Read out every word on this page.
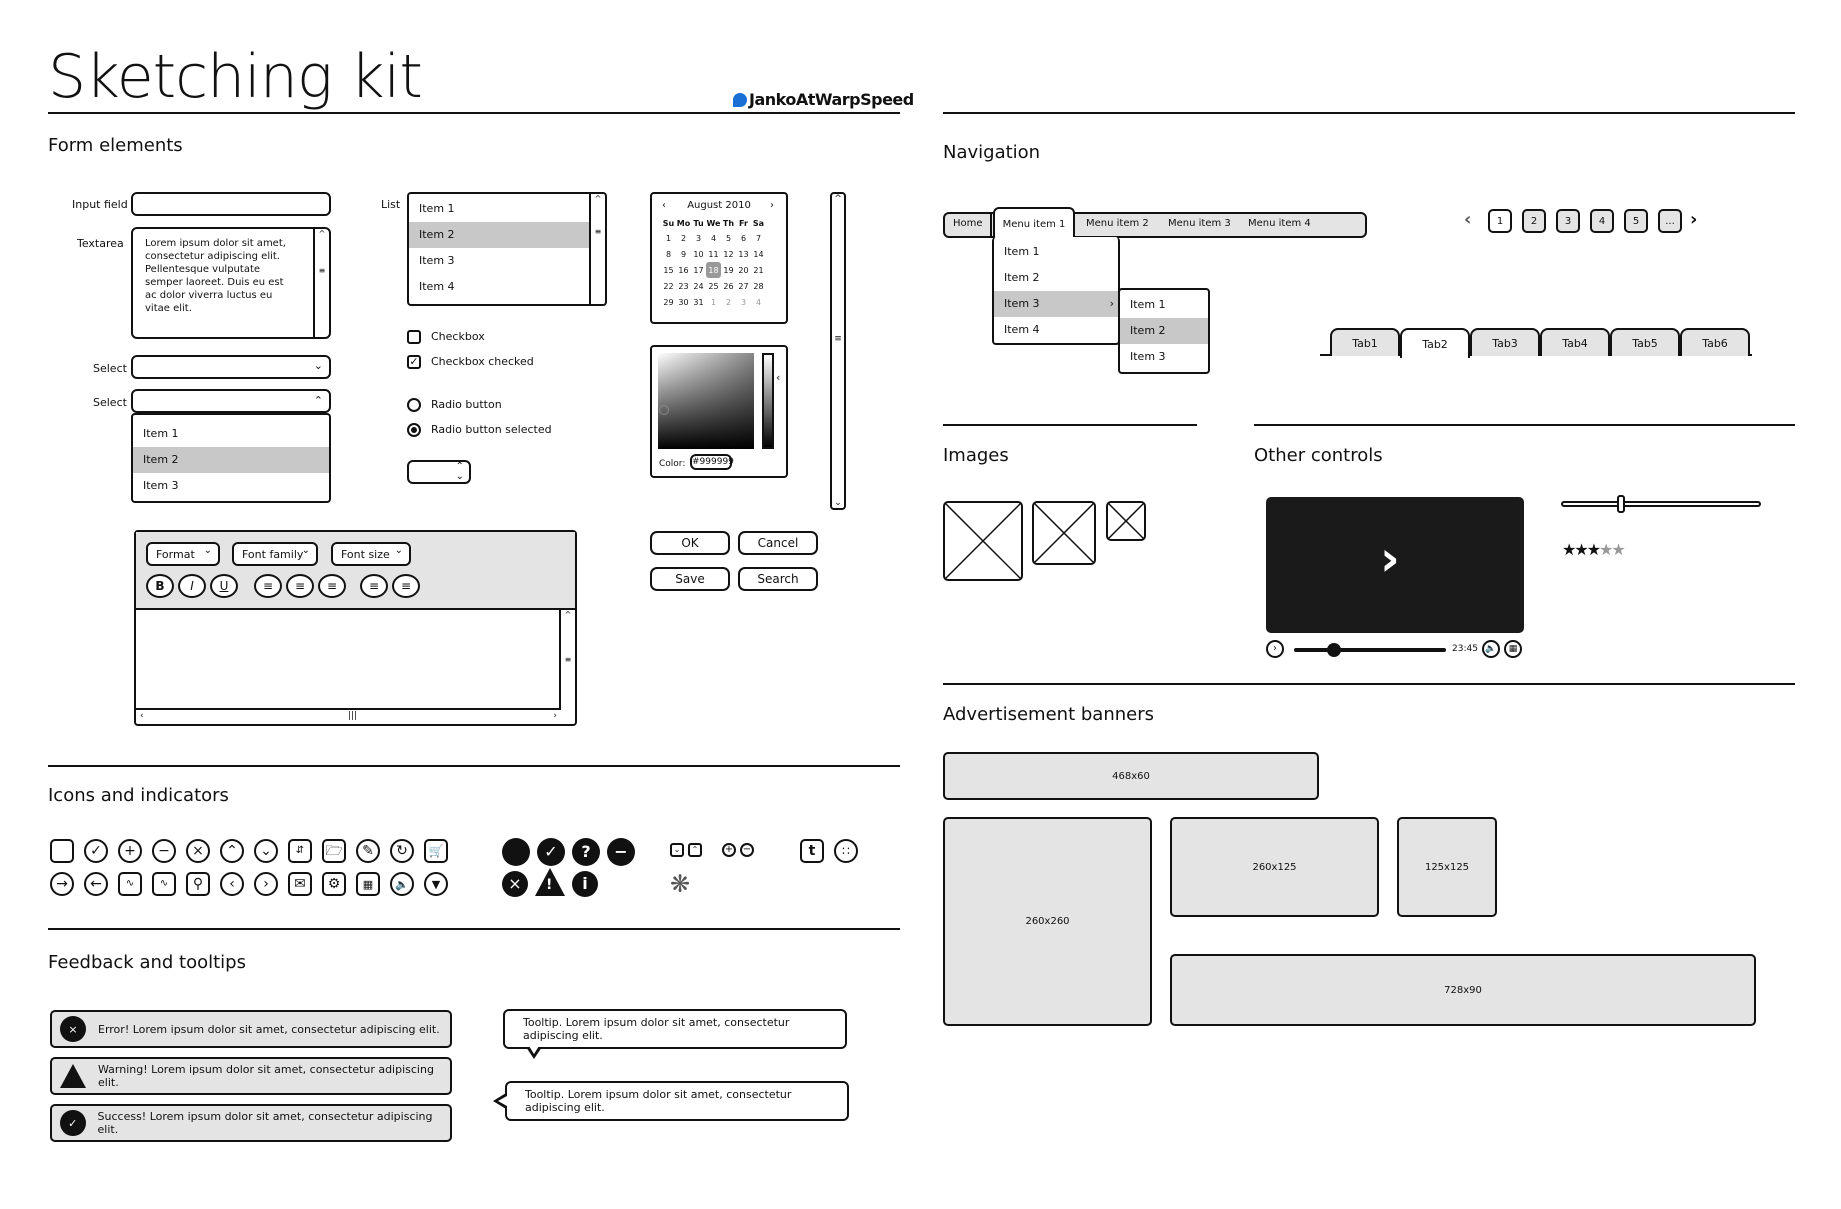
Sketching kit	JankoAtWarpSpeed
Form elements
Input field
Textarea Lorem ipsum dolor sit amet, consectetur adipiscing elit. Pellentesque vulputate semper laoreet. Duis eu est ac dolor viverra luctus eu vitae elit.
^
≡
Select	⌄
Select	⌃
Item 1
Item 2
Item 3
List	Item 1
Item 2
Item 3
Item 4
^
≡
Checkbox
✓ Checkbox checked
Radio button
Radio button selected
⌃
⌄
‹ August 2010 ›
Su	Mo	Tu	We	Th	Fr	Sa
1	2	3	4	5	6	7
8	9	10	11	12	13	14
15	16	17	18	19	20	21
22	23	24	25	26	27	28
29	30	31	1	2	3	4
‹
Color: #999999
^
≡
⌄
OK	Cancel
Save	Search
Format ⌄	Font family
⌄	Font size ⌄
B	I	U	≡	≡	≡	≡	≡
^
≡
‹	|||	›
Icons and indicators
✓	+	−	×	⌃	⌄	⇵	🗁	✎	↻	🛒
→	←	∿	∿	⚲	‹	›	✉	⚙	▦	🔈	▼
✓	?	−
×	!	i
⌄	⌃	+ −
❋
t	∷
Feedback and tooltips
×	Error! Lorem ipsum dolor sit amet, consectetur adipiscing elit.
Warning! Lorem ipsum dolor sit amet, consectetur adipiscing elit.
✓	Success! Lorem ipsum dolor sit amet, consectetur adipiscing elit.
Tooltip. Lorem ipsum dolor sit amet, consectetur adipiscing elit.
Tooltip. Lorem ipsum dolor sit amet, consectetur adipiscing elit.
Navigation
Home	Menu item 1	Menu item 2 Menu item 3 Menu item 4
Item 1
Item 2
Item 3	›
Item 4
Item 1
Item 2
Item 3
‹	1	2	3	4	5	... ›
Tab1	Tab2	Tab3	Tab4	Tab5	Tab6
Images	Other controls
›
›	23:45 🔈	▦
★★★★★
Advertisement banners
468x60
260x260
260x125	125x125
728x90
